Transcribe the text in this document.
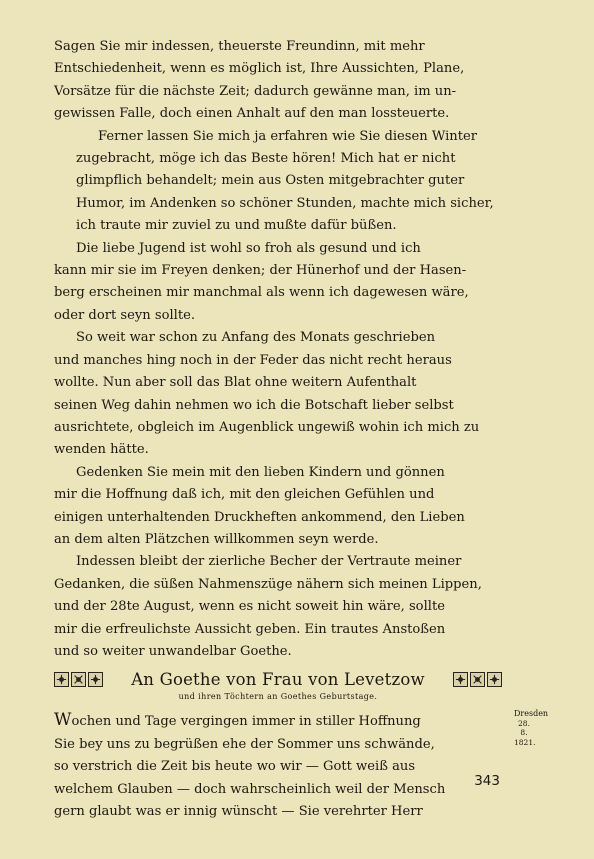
Sagen Sie mir indessen, theuerste Freundinn, mit mehr
Entschiedenheit, wenn es möglich ist, Ihre Aussichten, Plane,
Vorsätze für die nächste Zeit; dadurch gewänne man, im un-
gewissen Falle, doch einen Anhalt auf den man lossteuerte.

Ferner lassen Sie mich ja erfahren wie Sie diesen Winter
zugebracht, möge ich das Beste hören! Mich hat er nicht
glimpflich behandelt; mein aus Osten mitgebrachter guter
Humor, im Andenken so schöner Stunden, machte mich sicher,
ich traute mir zuviel zu und mußte dafür büßen.

Die liebe Jugend ist wohl so froh als gesund und ich
kann mir sie im Freyen denken; der Hünerhof und der Hasen-
berg erscheinen mir manchmal als wenn ich dagewesen wäre,
oder dort seyn sollte.

So weit war schon zu Anfang des Monats geschrieben
und manches hing noch in der Feder das nicht recht heraus
wollte. Nun aber soll das Blat ohne weitern Aufenthalt
seinen Weg dahin nehmen wo ich die Botschaft lieber selbst
ausrichtete, obgleich im Augenblick ungewiß wohin ich mich zu
wenden hätte.

Gedenken Sie mein mit den lieben Kindern und gönnen
mir die Hoffnung daß ich, mit den gleichen Gefühlen und
einigen unterhaltenden Druckheften ankommend, den Lieben
an dem alten Plätzchen willkommen seyn werde.

Indessen bleibt der zierliche Becher der Vertraute meiner
Gedanken, die süßen Nahmenszüge nähern sich meinen Lippen,
und der 28te August, wenn es nicht soweit hin wäre, sollte
mir die erfreulichste Aussicht geben. Ein trautes Anstoßen
und so weiter unwandelbar Goethe.

An Goethe von Frau von Levetzow
und ihren Töchtern an Goethes Geburtstage.

Wochen und Tage vergingen immer in stiller Hoffnung
Sie bey uns zu begrüßen ehe der Sommer uns schwände,
so verstrich die Zeit bis heute wo wir — Gott weiß aus
welchem Glauben — doch wahrscheinlich weil der Mensch
gern glaubt was er innig wünscht — Sie verehrter Herr

Dresden
28. 8.
1821.
343
